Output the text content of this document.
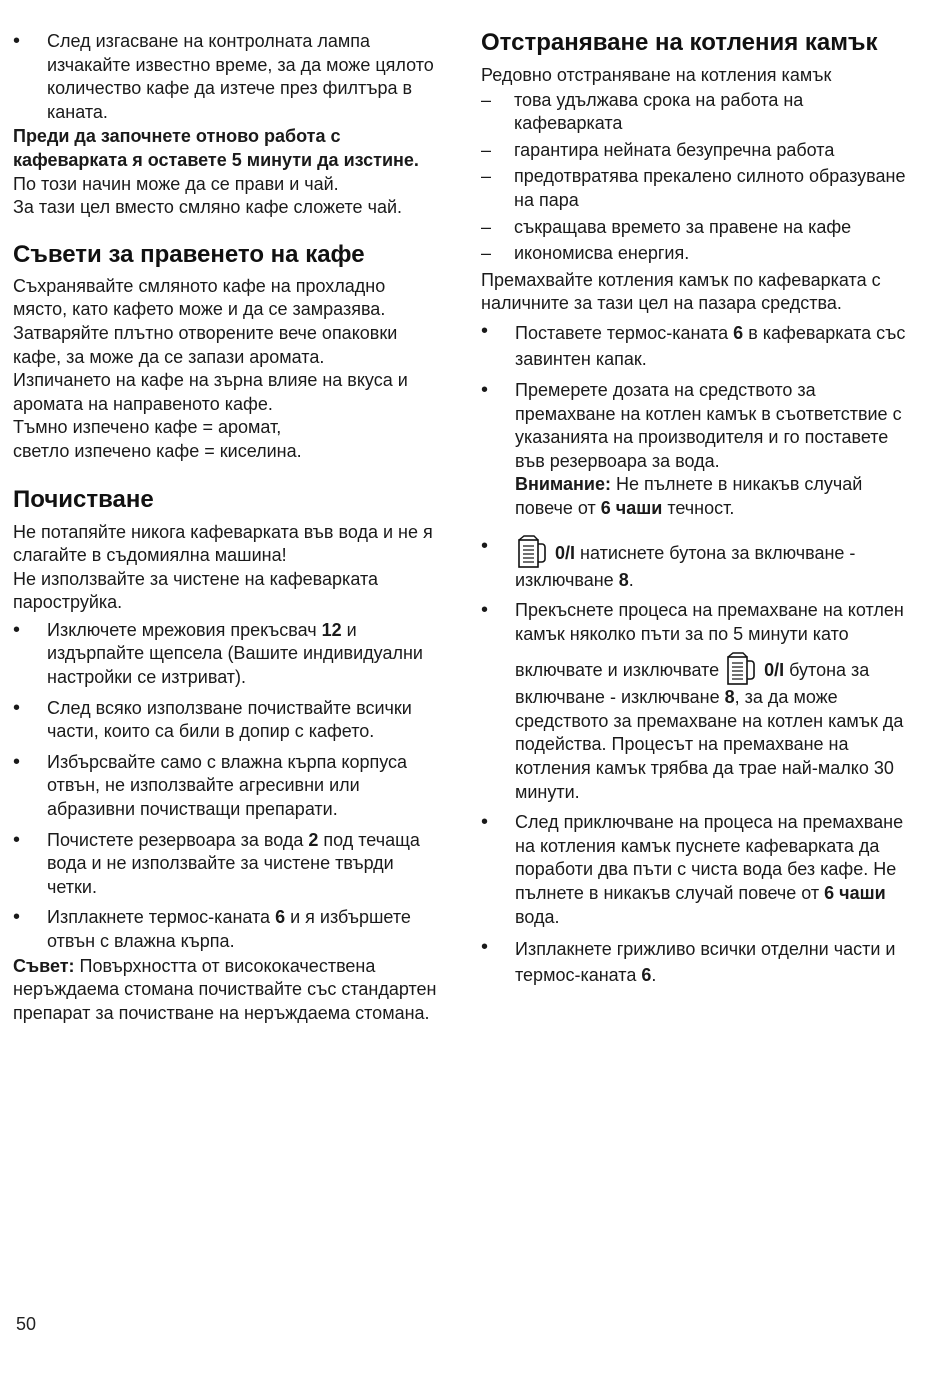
• След изгасване на контролната лампа изчакайте известно време, за да може цялото количество кафе да изтече през филтъра в каната.

Преди да започнете отново работа с кафеварката я оставете 5 минути да изстине.

По този начин може да се прави и чай.

За тази цел вместо смляно кафе сложете чай.

Съвети за правенето на кафе

Съхранявайте смляното кафе на прохладно място, като кафето може и да се замразява.

Затваряйте плътно отворените вече опаковки кафе, за може да се запази аромата.

Изпичането на кафе на зърна влияе на вкуса и аромата на направеното кафе.

Тъмно изпечено кафе = аромат,

светло изпечено кафе = киселина.

Почистване

Не потапяйте никога кафеварката във вода и не я слагайте в съдомиялна машина!

Не използвайте за чистене на кафеварката пароструйка.

• Изключете мрежовия прекъсвач 12 и издърпайте щепсела (Вашите индивидуални настройки се изтриват).
• След всяко използване почиствайте всички части, които са били в допир с кафето.
• Избърсвайте само с влажна кърпа корпуса отвън, не използвайте агресивни или абразивни почистващи препарати.
• Почистете резервоара за вода 2 под течаща вода и не използвайте за чистене твърди четки.
• Изплакнете термос-каната 6 и я избършете отвън с влажна кърпа.

Съвет: Повърхността от висококачествена неръждаема стомана почиствайте със стандартен препарат за почистване на неръждаема стомана.

Отстраняване на котления камък

Редовно отстраняване на котления камък

– това удължава срока на работа на кафеварката
– гарантира нейната безупречна работа
– предотвратява прекалено силното образуване на пара
– съкращава времето за правене на кафе
– икономисва енергия.

Премахвайте котления камък по кафеварката с наличните за тази цел на пазара средства.

• Поставете термос-каната 6 в кафеварката със завинтен капак.
• Премерете дозата на средството за премахване на котлен камък в съответствие с указанията на производителя и го поставете във резервоара за вода.
Внимание: Не пълнете в никакъв случай повече от 6 чаши течност.
• 0/I натиснете бутона за включване - изключване 8.
• Прекъснете процеса на премахване на котлен камък няколко пъти за по 5 минути като включвате и изключвате 0/I бутона за включване - изключване 8, за да може средството за премахване на котлен камък да подейства. Процесът на премахване на котления камък трябва да трае най-малко 30 минути.
• След приключване на процеса на премахване на котления камък пуснете кафеварката да поработи два пъти с чиста вода без кафе. Не пълнете в никакъв случай повече от 6 чаши вода.
• Изплакнете грижливо всички отделни части и термос-каната 6.
50
